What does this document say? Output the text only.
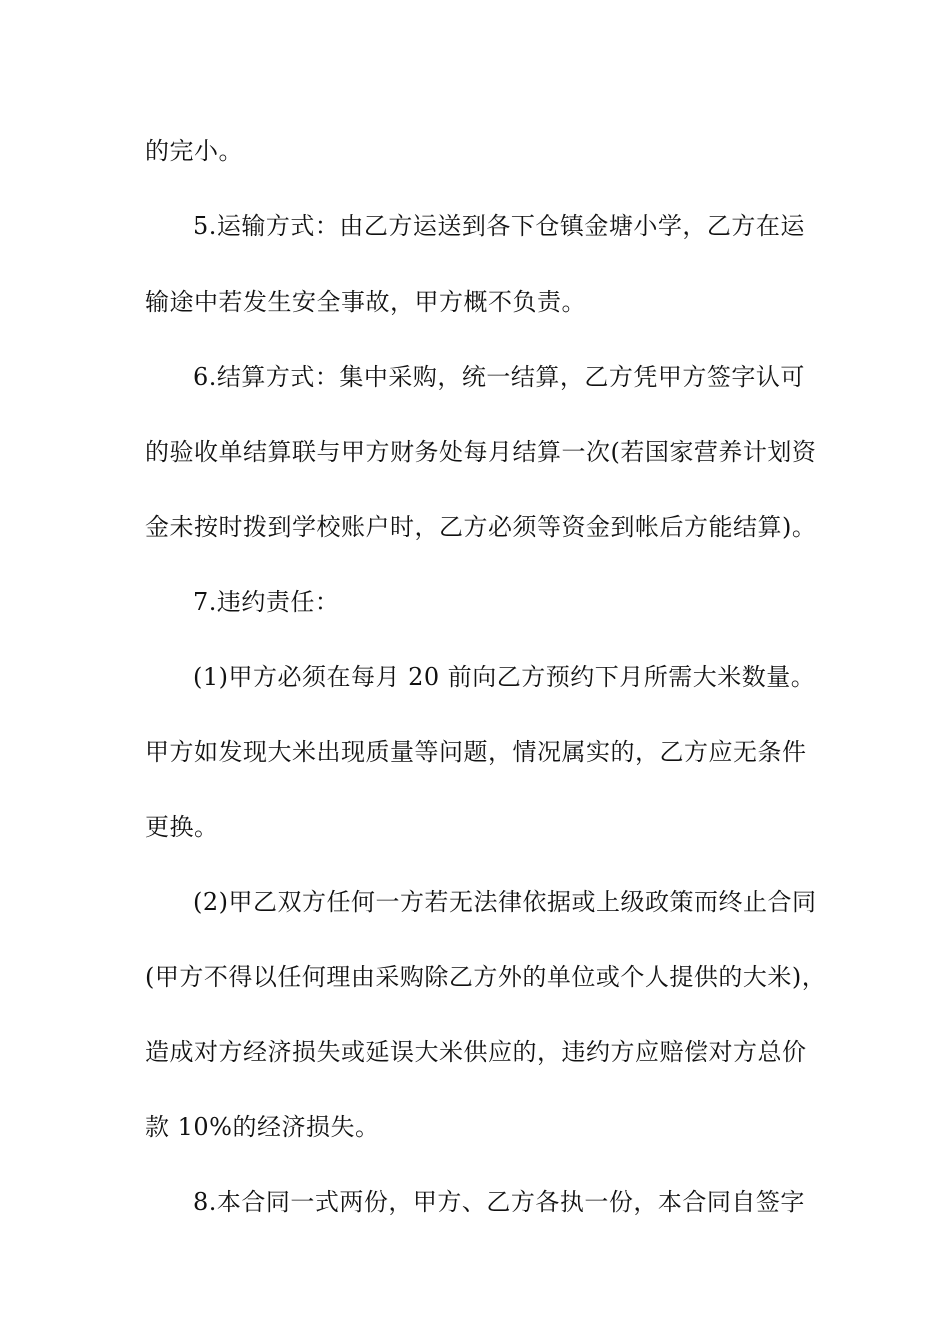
的完小。
5.运输方式：由乙方运送到各下仓镇金塘小学，乙方在运
输途中若发生安全事故，甲方概不负责。
6.结算方式：集中采购，统一结算，乙方凭甲方签字认可
的验收单结算联与甲方财务处每月结算一次(若国家营养计划资
金未按时拨到学校账户时，乙方必须等资金到帐后方能结算)。
7.违约责任：
(1)甲方必须在每月 20 前向乙方预约下月所需大米数量。
甲方如发现大米出现质量等问题，情况属实的，乙方应无条件
更换。
(2)甲乙双方任何一方若无法律依据或上级政策而终止合同
(甲方不得以任何理由采购除乙方外的单位或个人提供的大米)，
造成对方经济损失或延误大米供应的，违约方应赔偿对方总价
款 10%的经济损失。
8.本合同一式两份，甲方、乙方各执一份，本合同自签字
